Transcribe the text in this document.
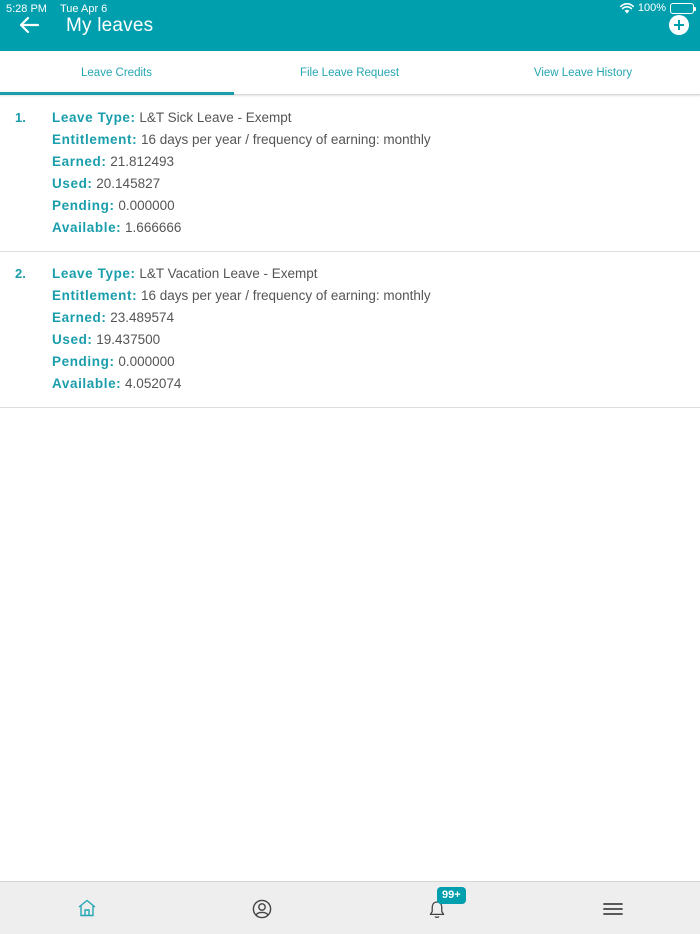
5:28 PM Tue Apr 6	100%
My leaves
Leave Credits	File Leave Request	View Leave History
1. Leave Type: L&T Sick Leave - Exempt
Entitlement: 16 days per year / frequency of earning: monthly
Earned: 21.812493
Used: 20.145827
Pending: 0.000000
Available: 1.666666
2. Leave Type: L&T Vacation Leave - Exempt
Entitlement: 16 days per year / frequency of earning: monthly
Earned: 23.489574
Used: 19.437500
Pending: 0.000000
Available: 4.052074
99+
